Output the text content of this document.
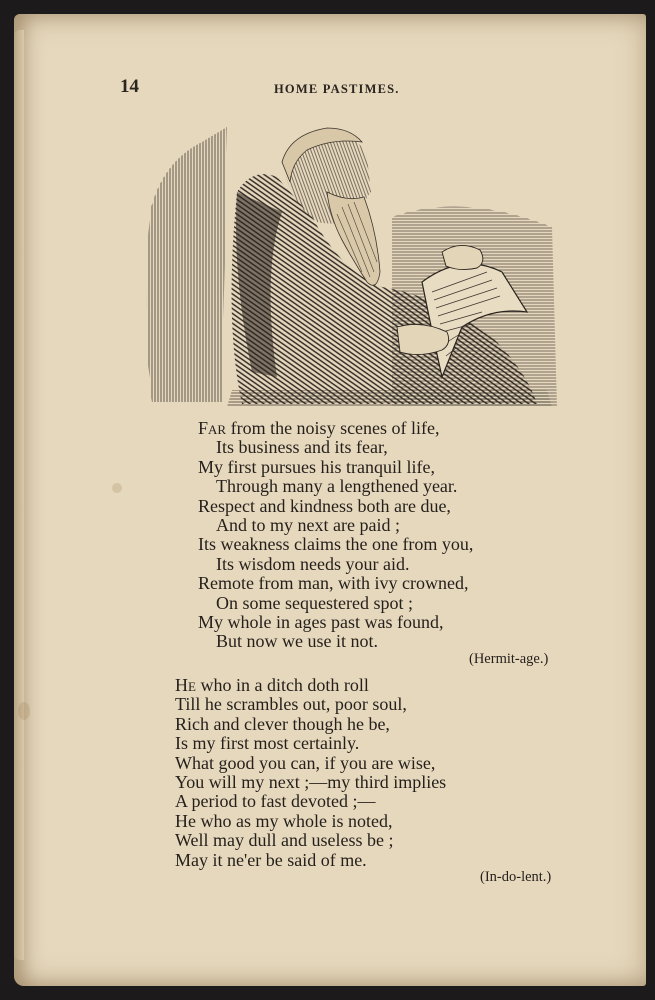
14	HOME PASTIMES.
Far from the noisy scenes of life,
Its business and its fear,
My first pursues his tranquil life,
Through many a lengthened year.
Respect and kindness both are due,
And to my next are paid ;
Its weakness claims the one from you,
Its wisdom needs your aid.
Remote from man, with ivy crowned,
On some sequestered spot ;
My whole in ages past was found,
But now we use it not.
(Hermit-age.)
He who in a ditch doth roll
Till he scrambles out, poor soul,
Rich and clever though he be,
Is my first most certainly.
What good you can, if you are wise,
You will my next ;—my third implies
A period to fast devoted ;—
He who as my whole is noted,
Well may dull and useless be ;
May it ne'er be said of me.
(In-do-lent.)
